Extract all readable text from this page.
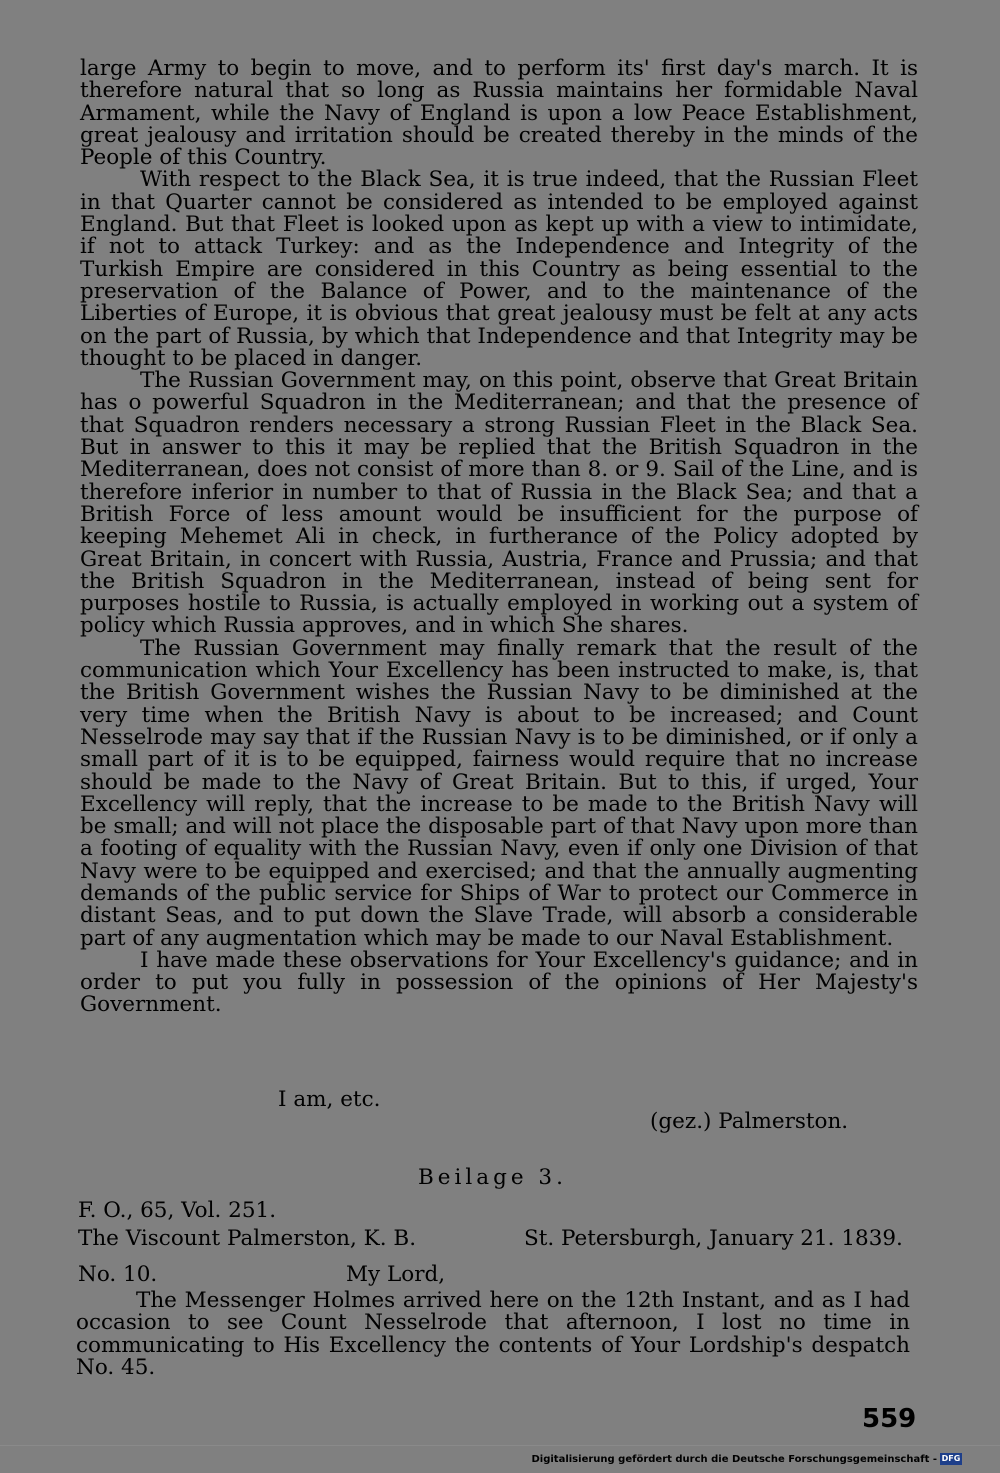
large Army to begin to move, and to perform its' first day's march. It is therefore natural that so long as Russia maintains her formidable Naval Armament, while the Navy of England is upon a low Peace Establishment, great jealousy and irritation should be created thereby in the minds of the People of this Country.

With respect to the Black Sea, it is true indeed, that the Russian Fleet in that Quarter cannot be considered as intended to be employed against England. But that Fleet is looked upon as kept up with a view to intimidate, if not to attack Turkey: and as the Independence and Integrity of the Turkish Empire are considered in this Country as being essential to the preservation of the Balance of Power, and to the maintenance of the Liberties of Europe, it is obvious that great jealousy must be felt at any acts on the part of Russia, by which that Independence and that Integrity may be thought to be placed in danger.

The Russian Government may, on this point, observe that Great Britain has o powerful Squadron in the Mediterranean; and that the presence of that Squadron renders necessary a strong Russian Fleet in the Black Sea. But in answer to this it may be replied that the British Squadron in the Mediterranean, does not consist of more than 8. or 9. Sail of the Line, and is therefore inferior in number to that of Russia in the Black Sea; and that a British Force of less amount would be insufficient for the purpose of keeping Mehemet Ali in check, in furtherance of the Policy adopted by Great Britain, in concert with Russia, Austria, France and Prussia; and that the British Squadron in the Mediterranean, instead of being sent for purposes hostile to Russia, is actually employed in working out a system of policy which Russia approves, and in which She shares.

The Russian Government may finally remark that the result of the communication which Your Excellency has been instructed to make, is, that the British Government wishes the Russian Navy to be diminished at the very time when the British Navy is about to be increased; and Count Nesselrode may say that if the Russian Navy is to be diminished, or if only a small part of it is to be equipped, fairness would require that no increase should be made to the Navy of Great Britain. But to this, if urged, Your Excellency will reply, that the increase to be made to the British Navy will be small; and will not place the disposable part of that Navy upon more than a footing of equality with the Russian Navy, even if only one Division of that Navy were to be equipped and exercised; and that the annually augmenting demands of the public service for Ships of War to protect our Commerce in distant Seas, and to put down the Slave Trade, will absorb a considerable part of any augmentation which may be made to our Naval Establishment.

I have made these observations for Your Excellency's guidance; and in order to put you fully in possession of the opinions of Her Majesty's Government.

I am, etc.
(gez.) Palmerston.
Beilage 3.
F. O., 65, Vol. 251.
The Viscount Palmerston, K. B.	St. Petersburgh, January 21. 1839.
No. 10.	My Lord,

The Messenger Holmes arrived here on the 12th Instant, and as I had occasion to see Count Nesselrode that afternoon, I lost no time in communicating to His Excellency the contents of Your Lordship's despatch No. 45.

559
Digitalisierung gefördert durch die Deutsche Forschungsgemeinschaft - DFG
